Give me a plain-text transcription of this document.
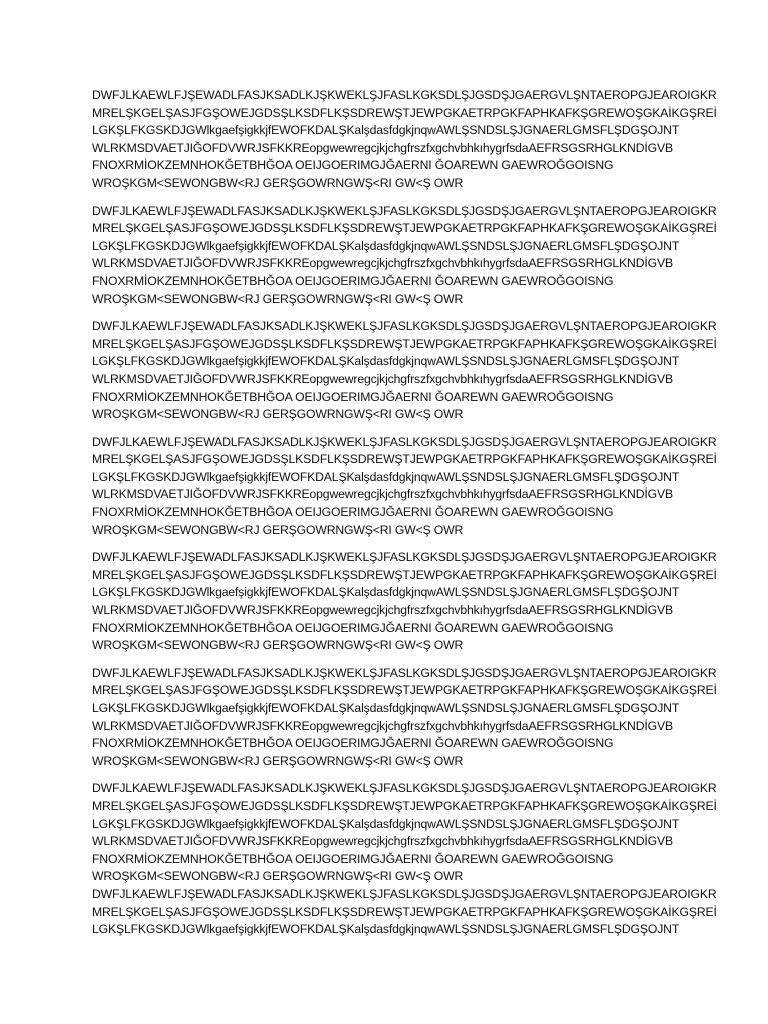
DWFJLKAEWLFJŞEWADLFASJKSADLKJŞKWEKLŞJFASLKGKSDLŞJGSDŞJGAERGVLŞNTAEROPGJEAROIGKR
MRELŞKGELŞASJFGŞOWEJGDSŞLKSDFLKŞSDREWŞTJEWPGKAETRPGKFAPHKAFKŞGREWOŞGKAİKGŞREİ
LGKŞLFKGSKDJGWlkgaefşigkkjfEWOFKDALŞKalşdasfdgkjnqwAWLŞSNDSLŞJGNAERLGMSFLŞDGŞOJNT
WLRKMSDVAETJIĞOFDVWRJSFKKREopgwewregcjkjchgfrszfxgchvbhkıhygrfsdaAEFRSGSRHGLKNDİGVB
FNOXRMİOKZEMNHOKĞETBHĞOA OEIJGOERIMGJĞAERNI ĞOAREWN GAEWROĞGOISNG
WROŞKGM<SEWONGBW<RJ GERŞGOWRNGWŞ<RI GW<Ş OWR
DWFJLKAEWLFJŞEWADLFASJKSADLKJŞKWEKLŞJFASLKGKSDLŞJGSDŞJGAERGVLŞNTAEROPGJEAROIGKR
MRELŞKGELŞASJFGŞOWEJGDSŞLKSDFLKŞSDREWŞTJEWPGKAETRPGKFAPHKAFKŞGREWOŞGKAİKGŞREİ
LGKŞLFKGSKDJGWlkgaefşigkkjfEWOFKDALŞKalşdasfdgkjnqwAWLŞSNDSLŞJGNAERLGMSFLŞDGŞOJNT
WLRKMSDVAETJIĞOFDVWRJSFKKREopgwewregcjkjchgfrszfxgchvbhkıhygrfsdaAEFRSGSRHGLKNDİGVB
FNOXRMİOKZEMNHOKĞETBHĞOA OEIJGOERIMGJĞAERNI ĞOAREWN GAEWROĞGOISNG
WROŞKGM<SEWONGBW<RJ GERŞGOWRNGWŞ<RI GW<Ş OWR
DWFJLKAEWLFJŞEWADLFASJKSADLKJŞKWEKLŞJFASLKGKSDLŞJGSDŞJGAERGVLŞNTAEROPGJEAROIGKR
MRELŞKGELŞASJFGŞOWEJGDSŞLKSDFLKŞSDREWŞTJEWPGKAETRPGKFAPHKAFKŞGREWOŞGKAİKGŞREİ
LGKŞLFKGSKDJGWlkgaefşigkkjfEWOFKDALŞKalşdasfdgkjnqwAWLŞSNDSLŞJGNAERLGMSFLŞDGŞOJNT
WLRKMSDVAETJIĞOFDVWRJSFKKREopgwewregcjkjchgfrszfxgchvbhkıhygrfsdaAEFRSGSRHGLKNDİGVB
FNOXRMİOKZEMNHOKĞETBHĞOA OEIJGOERIMGJĞAERNI ĞOAREWN GAEWROĞGOISNG
WROŞKGM<SEWONGBW<RJ GERŞGOWRNGWŞ<RI GW<Ş OWR
DWFJLKAEWLFJŞEWADLFASJKSADLKJŞKWEKLŞJFASLKGKSDLŞJGSDŞJGAERGVLŞNTAEROPGJEAROIGKR
MRELŞKGELŞASJFGŞOWEJGDSŞLKSDFLKŞSDREWŞTJEWPGKAETRPGKFAPHKAFKŞGREWOŞGKAİKGŞREİ
LGKŞLFKGSKDJGWlkgaefşigkkjfEWOFKDALŞKalşdasfdgkjnqwAWLŞSNDSLŞJGNAERLGMSFLŞDGŞOJNT
WLRKMSDVAETJIĞOFDVWRJSFKKREopgwewregcjkjchgfrszfxgchvbhkıhygrfsdaAEFRSGSRHGLKNDİGVB
FNOXRMİOKZEMNHOKĞETBHĞOA OEIJGOERIMGJĞAERNI ĞOAREWN GAEWROĞGOISNG
WROŞKGM<SEWONGBW<RJ GERŞGOWRNGWŞ<RI GW<Ş OWR
DWFJLKAEWLFJŞEWADLFASJKSADLKJŞKWEKLŞJFASLKGKSDLŞJGSDŞJGAERGVLŞNTAEROPGJEAROIGKR
MRELŞKGELŞASJFGŞOWEJGDSŞLKSDFLKŞSDREWŞTJEWPGKAETRPGKFAPHKAFKŞGREWOŞGKAİKGŞREİ
LGKŞLFKGSKDJGWlkgaefşigkkjfEWOFKDALŞKalşdasfdgkjnqwAWLŞSNDSLŞJGNAERLGMSFLŞDGŞOJNT
WLRKMSDVAETJIĞOFDVWRJSFKKREopgwewregcjkjchgfrszfxgchvbhkıhygrfsdaAEFRSGSRHGLKNDİGVB
FNOXRMİOKZEMNHOKĞETBHĞOA OEIJGOERIMGJĞAERNI ĞOAREWN GAEWROĞGOISNG
WROŞKGM<SEWONGBW<RJ GERŞGOWRNGWŞ<RI GW<Ş OWR
DWFJLKAEWLFJŞEWADLFASJKSADLKJŞKWEKLŞJFASLKGKSDLŞJGSDŞJGAERGVLŞNTAEROPGJEAROIGKR
MRELŞKGELŞASJFGŞOWEJGDSŞLKSDFLKŞSDREWŞTJEWPGKAETRPGKFAPHKAFKŞGREWOŞGKAİKGŞREİ
LGKŞLFKGSKDJGWlkgaefşigkkjfEWOFKDALŞKalşdasfdgkjnqwAWLŞSNDSLŞJGNAERLGMSFLŞDGŞOJNT
WLRKMSDVAETJIĞOFDVWRJSFKKREopgwewregcjkjchgfrszfxgchvbhkıhygrfsdaAEFRSGSRHGLKNDİGVB
FNOXRMİOKZEMNHOKĞETBHĞOA OEIJGOERIMGJĞAERNI ĞOAREWN GAEWROĞGOISNG
WROŞKGM<SEWONGBW<RJ GERŞGOWRNGWŞ<RI GW<Ş OWR
DWFJLKAEWLFJŞEWADLFASJKSADLKJŞKWEKLŞJFASLKGKSDLŞJGSDŞJGAERGVLŞNTAEROPGJEAROIGKR
MRELŞKGELŞASJFGŞOWEJGDSŞLKSDFLKŞSDREWŞTJEWPGKAETRPGKFAPHKAFKŞGREWOŞGKAİKGŞREİ
LGKŞLFKGSKDJGWlkgaefşigkkjfEWOFKDALŞKalşdasfdgkjnqwAWLŞSNDSLŞJGNAERLGMSFLŞDGŞOJNT
WLRKMSDVAETJIĞOFDVWRJSFKKREopgwewregcjkjchgfrszfxgchvbhkıhygrfsdaAEFRSGSRHGLKNDİGVB
FNOXRMİOKZEMNHOKĞETBHĞOA OEIJGOERIMGJĞAERNI ĞOAREWN GAEWROĞGOISNG
WROŞKGM<SEWONGBW<RJ GERŞGOWRNGWŞ<RI GW<Ş OWR
DWFJLKAEWLFJŞEWADLFASJKSADLKJŞKWEKLŞJFASLKGKSDLŞJGSDŞJGAERGVLŞNTAEROPGJEAROIGKR
MRELŞKGELŞASJFGŞOWEJGDSŞLKSDFLKŞSDREWŞTJEWPGKAETRPGKFAPHKAFKŞGREWOŞGKAİKGŞREİ
LGKŞLFKGSKDJGWlkgaefşigkkjfEWOFKDALŞKalşdasfdgkjnqwAWLŞSNDSLŞJGNAERLGMSFLŞDGŞOJNT
